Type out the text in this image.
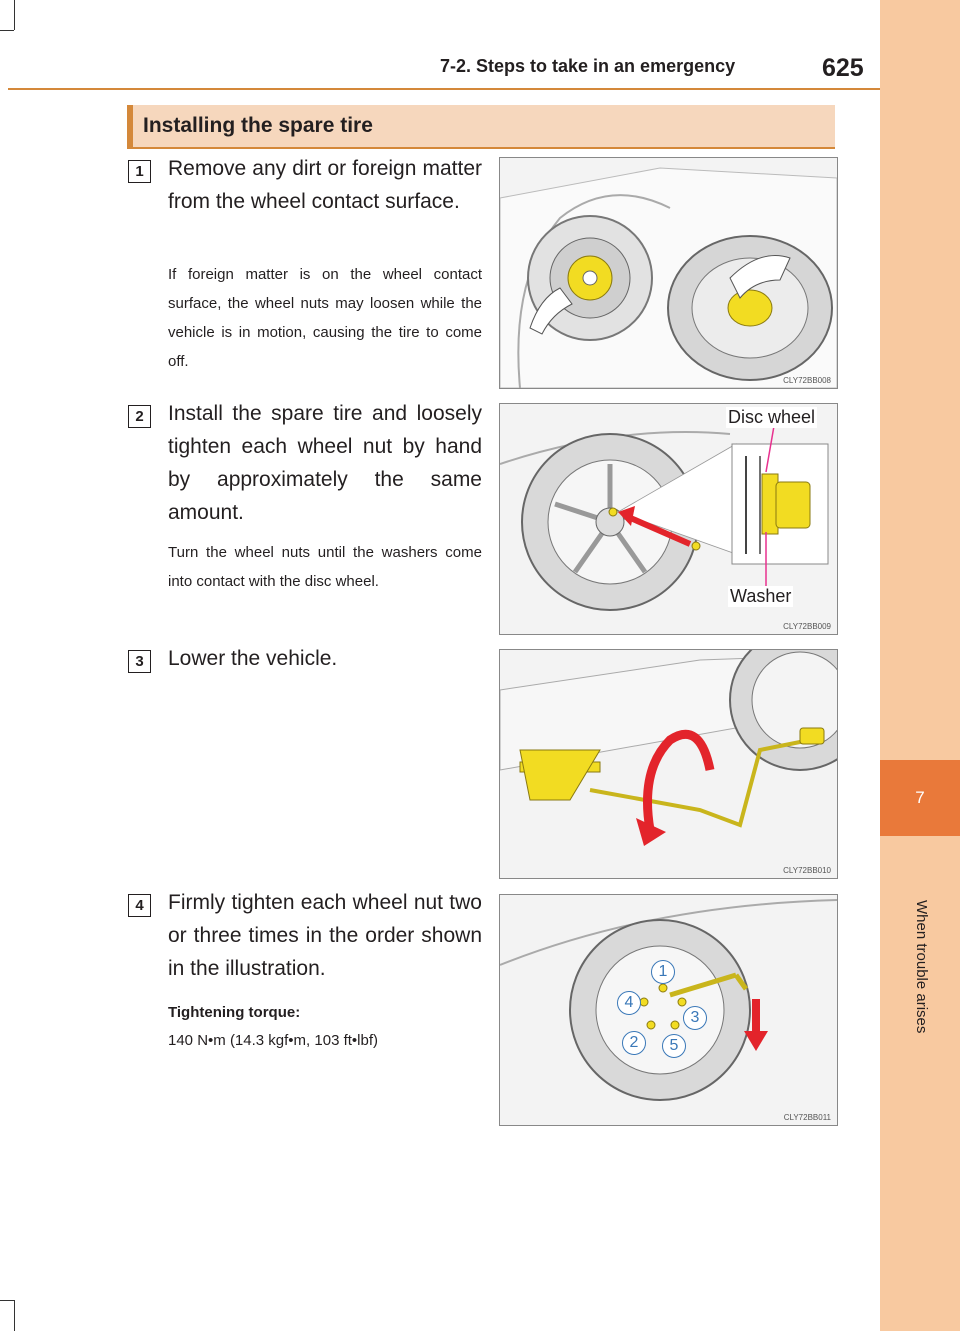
7
When trouble arises
7-2. Steps to take in an emergency	625
Installing the spare tire
1	Remove any dirt or foreign matter from the wheel contact surface.
If foreign matter is on the wheel contact surface, the wheel nuts may loosen while the vehicle is in motion, causing the tire to come off.
CLY72BB008
2	Install the spare tire and loosely tighten each wheel nut by hand by approximately the same amount.
Turn the wheel nuts until the washers come into contact with the disc wheel.
Disc wheel
Washer
CLY72BB009
3	Lower the vehicle.
CLY72BB010
4	Firmly tighten each wheel nut two or three times in the order shown in the illustration.
Tightening torque:
140 N•m (14.3 kgf•m, 103 ft•lbf)
1
2
3
4
5
CLY72BB011
